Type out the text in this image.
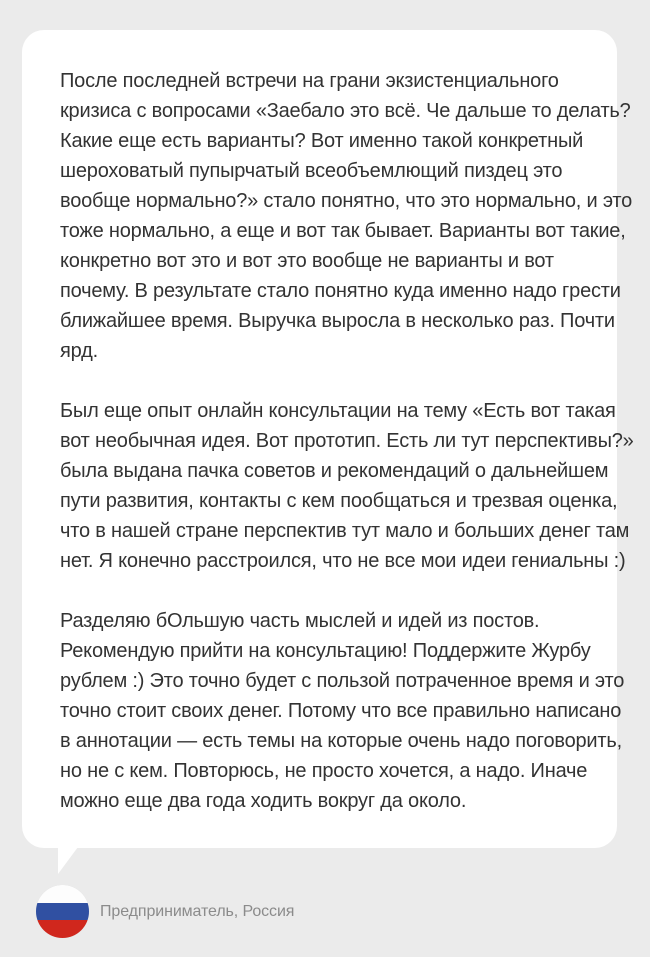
После последней встречи на грани экзистенциального
кризиса с вопросами «Заебало это всё. Че дальше то делать?
Какие еще есть варианты? Вот именно такой конкретный
шероховатый пупырчатый всеобъемлющий пиздец это
вообще нормально?» стало понятно, что это нормально, и это
тоже нормально, а еще и вот так бывает. Варианты вот такие,
конкретно вот это и вот это вообще не варианты и вот
почему. В результате стало понятно куда именно надо грести
ближайшее время. Выручка выросла в несколько раз. Почти
ярд.

Был еще опыт онлайн консультации на тему «Есть вот такая
вот необычная идея. Вот прототип. Есть ли тут перспективы?»
была выдана пачка советов и рекомендаций о дальнейшем
пути развития, контакты с кем пообщаться и трезвая оценка,
что в нашей стране перспектив тут мало и больших денег там
нет. Я конечно расстроился, что не все мои идеи гениальны :)

Разделяю бОльшую часть мыслей и идей из постов.
Рекомендую прийти на консультацию! Поддержите Журбу
рублем :) Это точно будет с пользой потраченное время и это
точно стоит своих денег. Потому что все правильно написано
в аннотации — есть темы на которые очень надо поговорить,
но не с кем. Повторюсь, не просто хочется, а надо. Иначе
можно еще два года ходить вокруг да около.

Предприниматель, Россия
